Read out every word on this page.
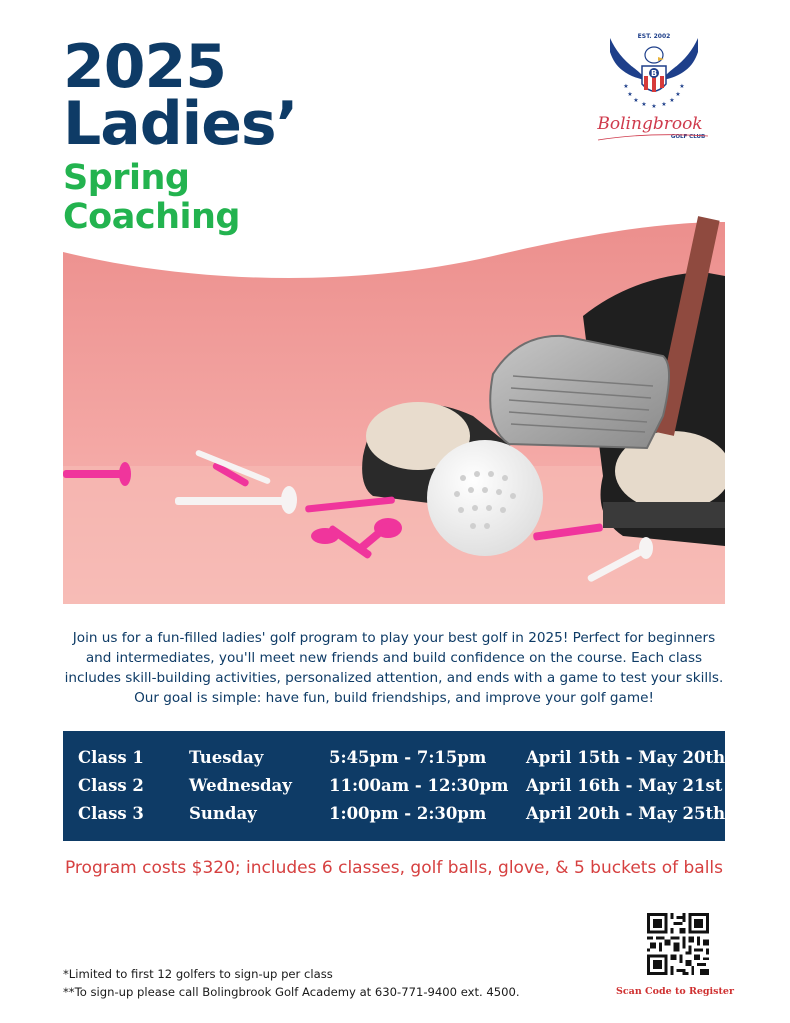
2025
Ladies’
Spring
Coaching
EST. 2002
B
★	★
★	★
★	★
★ ★
★
Bolingbrook
GOLF CLUB

Join us for a fun-filled ladies' golf program to play your best golf in 2025! Perfect for beginners and intermediates, you'll meet new friends and build confidence on the course. Each class includes skill-building activities, personalized attention, and ends with a game to test your skills. Our goal is simple: have fun, build friendships, and improve your golf game!

Class 1	Tuesday	5:45pm - 7:15pm April 15th - May 20th
Class 2	Wednesday 11:00am - 12:30pm April 16th - May 21st
Class 3	Sunday	1:00pm - 2:30pm April 20th - May 25th

Program costs $320; includes 6 classes, golf balls, glove, & 5 buckets of balls

*Limited to first 12 golfers to sign-up per class

**To sign-up please call Bolingbrook Golf Academy at 630-771-9400 ext. 4500.	Scan Code to Register
